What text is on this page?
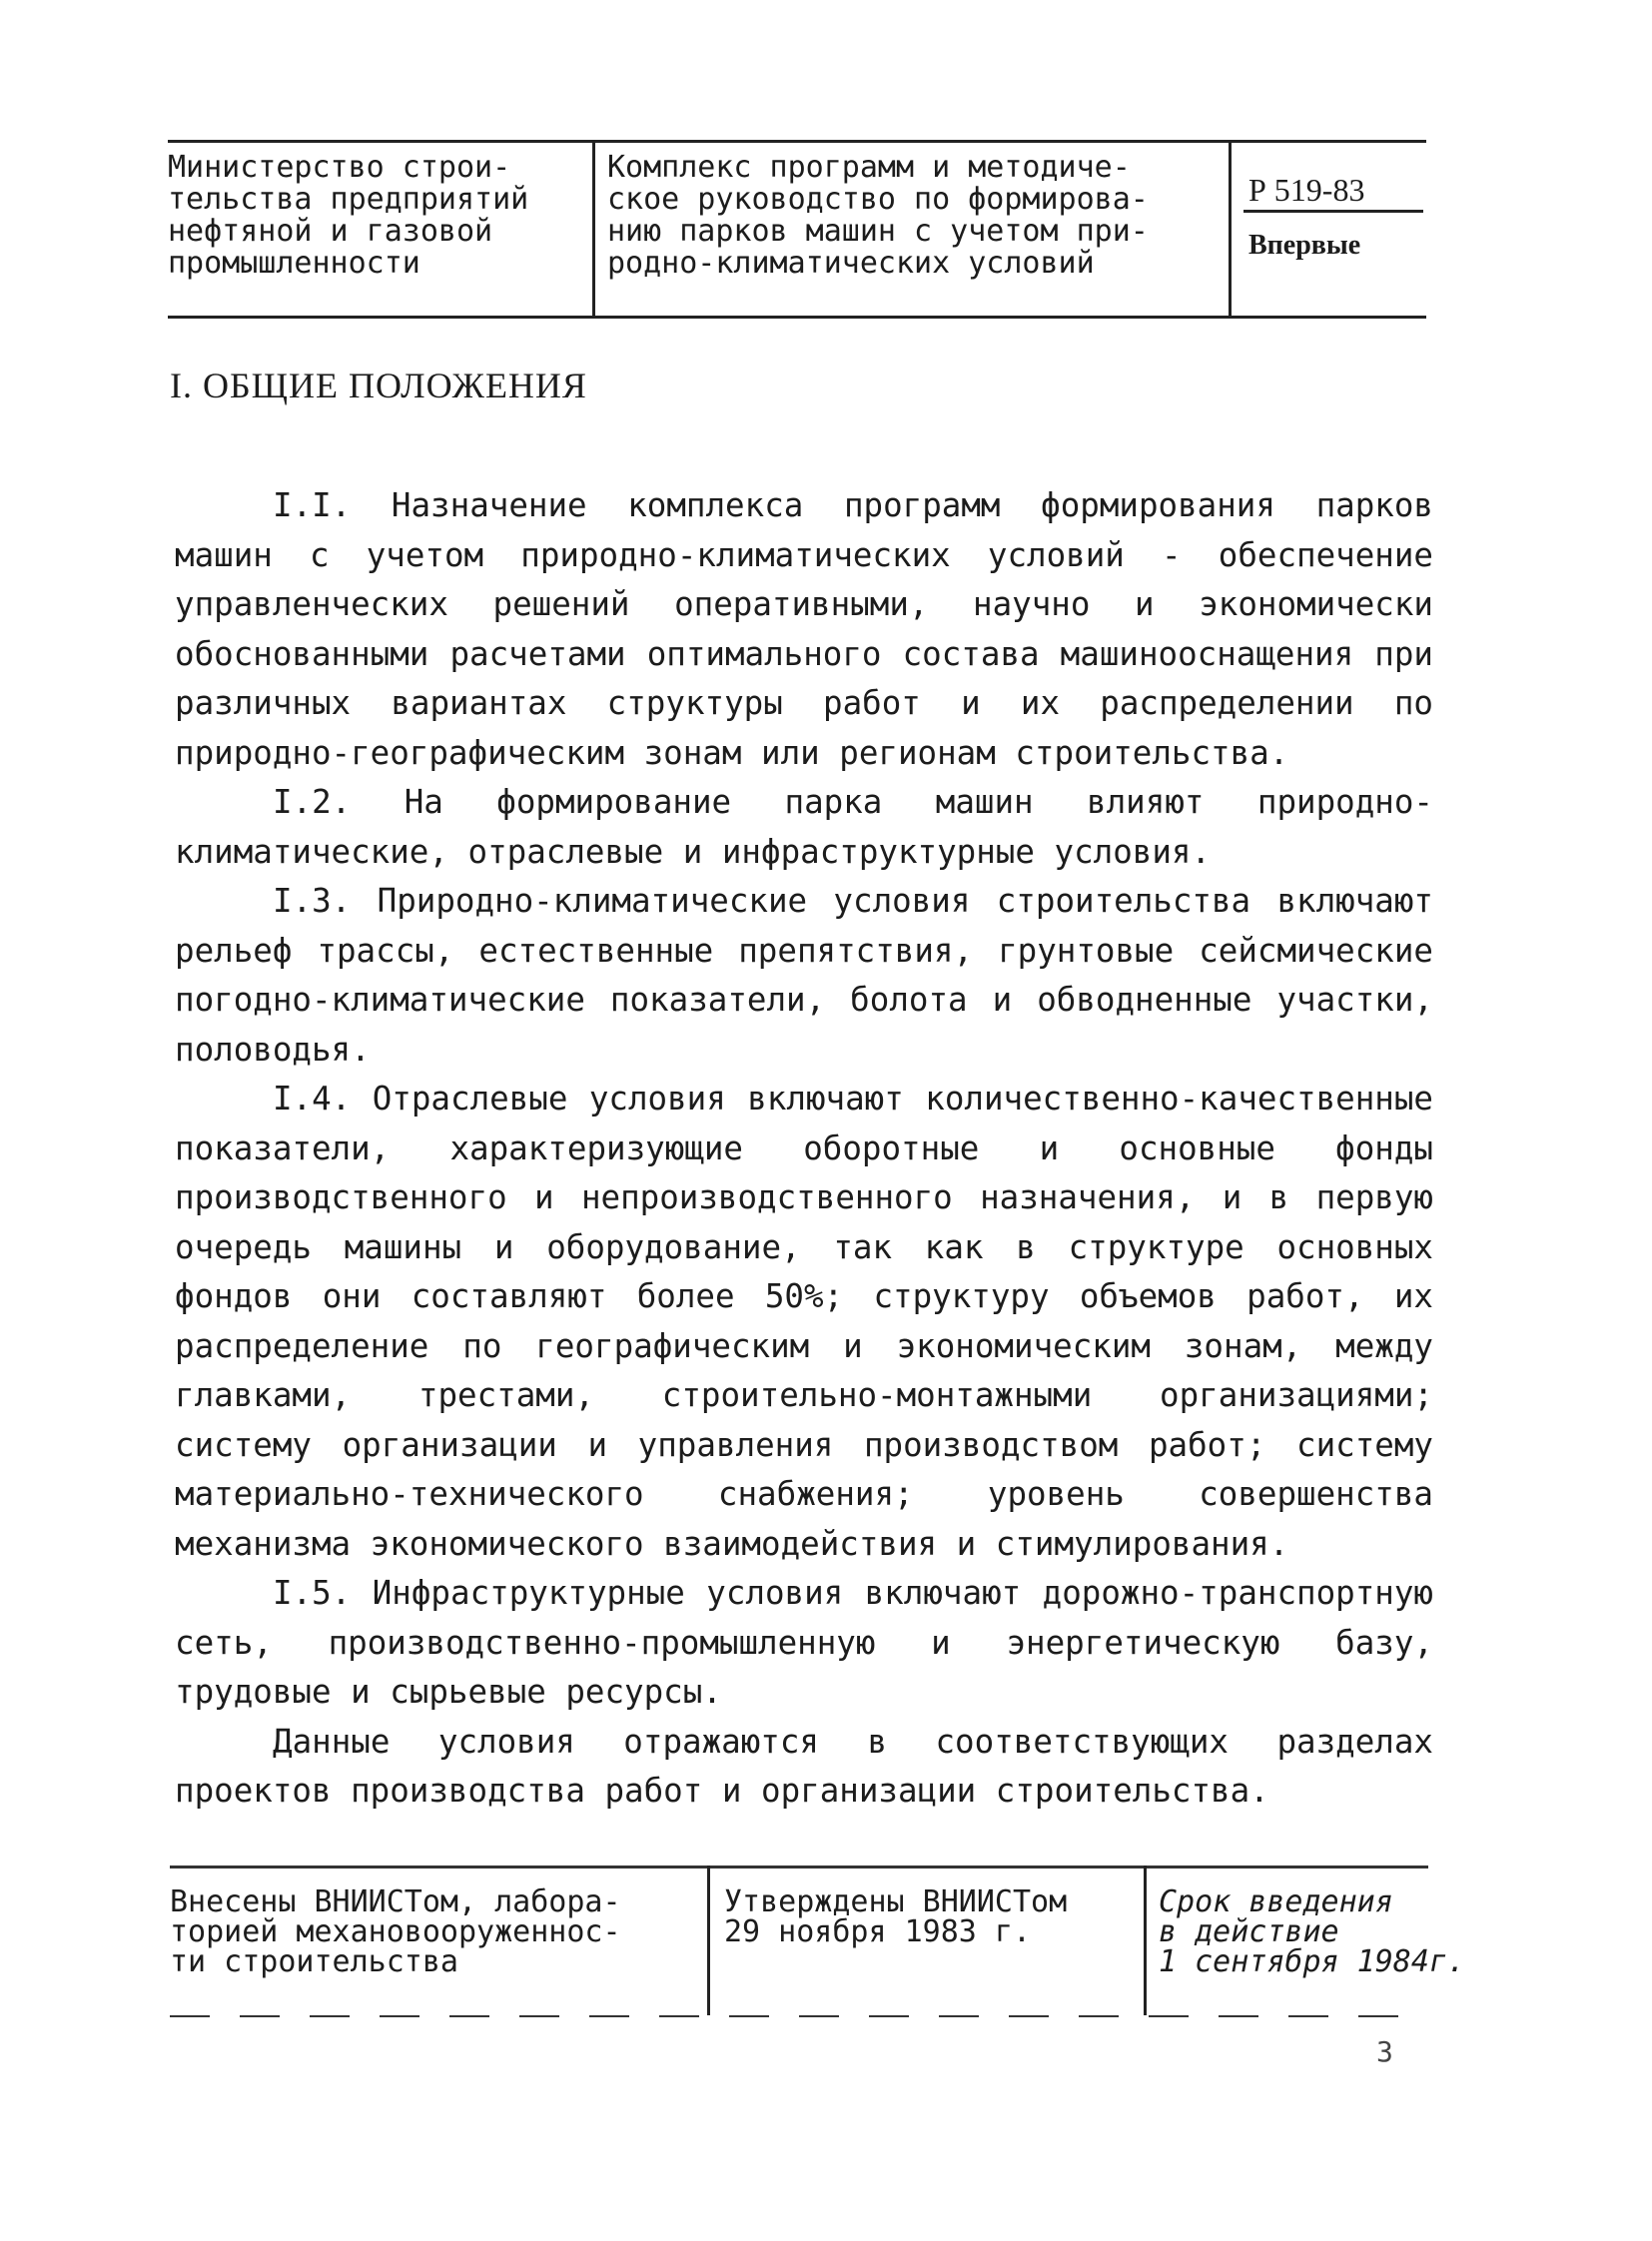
Министерство строи-
тельства предприятий
нефтяной и газовой
промышленности
Комплекс программ и методиче-
ское руководство по формирова-
нию парков машин с учетом при-
родно-климатических условий
Р 519-83
Впервые
I. ОБЩИЕ ПОЛОЖЕНИЯ

I.I. Назначение комплекса программ формирования парков машин с учетом природно-климатических условий - обеспечение управленческих решений оперативными, научно и экономически обоснованными расчетами оптимального состава машинооснащения при различных вариантах структуры работ и их распределении по природно-географическим зонам или регионам строительства.

I.2. На формирование парка машин влияют природно-климатические, отраслевые и инфраструктурные условия.

I.3. Природно-климатические условия строительства включают рельеф трассы, естественные препятствия, грунтовые сейсмические погодно-климатические показатели, болота и обводненные участки, половодья.

I.4. Отраслевые условия включают количественно-качественные показатели, характеризующие оборотные и основные фонды производственного и непроизводственного назначения, и в первую очередь машины и оборудование, так как в структуре основных фондов они составляют более 50%; структуру объемов работ, их распределение по географическим и экономическим зонам, между главками, трестами, строительно-монтажными организациями; систему организации и управления производством работ; систему материально-технического снабжения; уровень совершенства механизма экономического взаимодействия и стимулирования.

I.5. Инфраструктурные условия включают дорожно-транспортную сеть, производственно-промышленную и энергетическую базу, трудовые и сырьевые ресурсы.

Данные условия отражаются в соответствующих разделах проектов производства работ и организации строительства.

Внесены ВНИИСТом, лабора-
торией механовооруженнос-
ти строительства
Утверждены ВНИИСТом
29 ноября 1983 г.
Срок введения
в действие
1 сентября 1984г.
3
